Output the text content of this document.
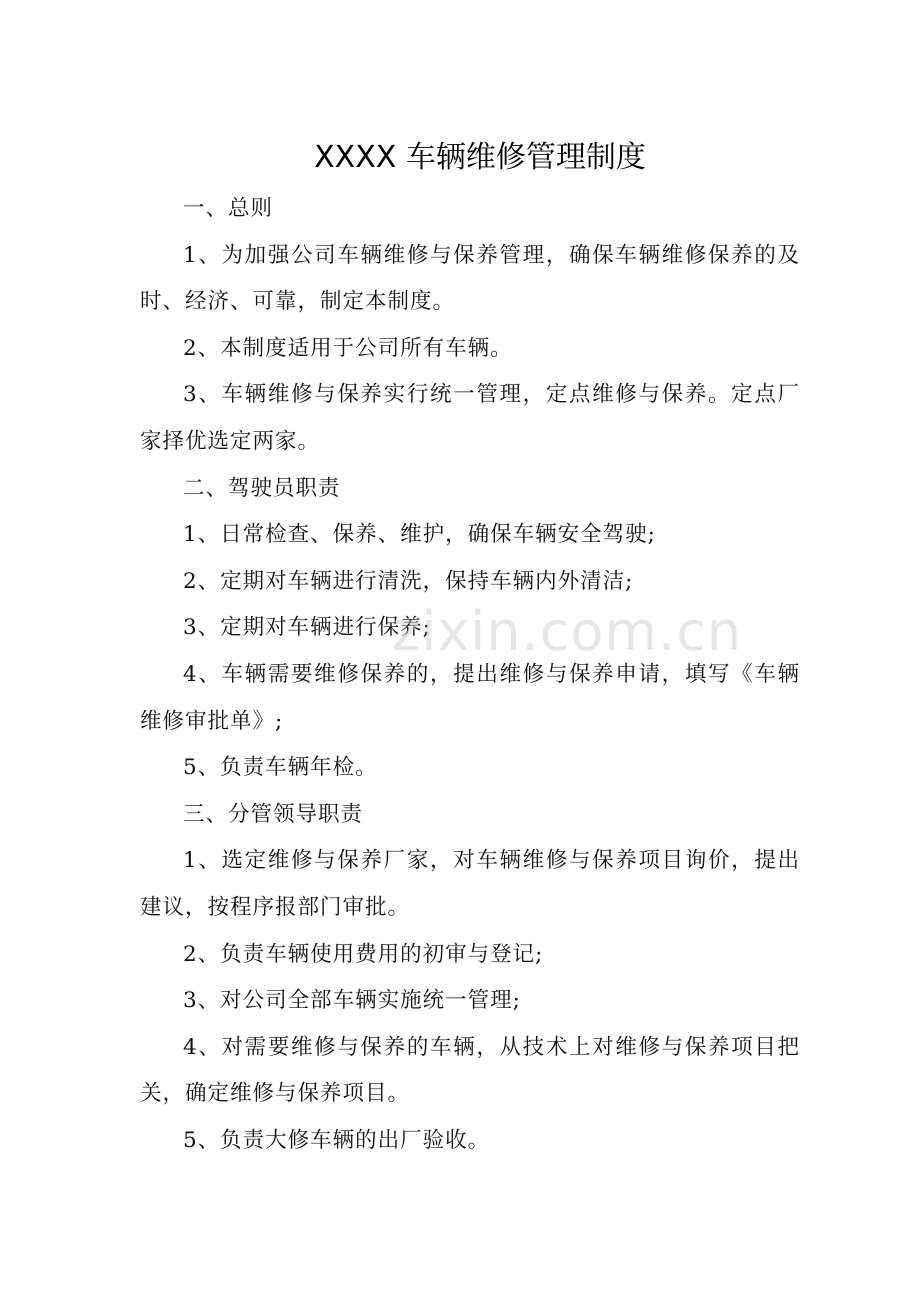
XXXX 车辆维修管理制度

一、总则

1、为加强公司车辆维修与保养管理，确保车辆维修保养的及时、经济、可靠，制定本制度。

2、本制度适用于公司所有车辆。

3、车辆维修与保养实行统一管理，定点维修与保养。定点厂家择优选定两家。

二、驾驶员职责

1、日常检查、保养、维护，确保车辆安全驾驶;

2、定期对车辆进行清洗，保持车辆内外清洁;

3、定期对车辆进行保养;

4、车辆需要维修保养的，提出维修与保养申请，填写《车辆维修审批单》;

5、负责车辆年检。

三、分管领导职责

1、选定维修与保养厂家，对车辆维修与保养项目询价，提出建议，按程序报部门审批。

2、负责车辆使用费用的初审与登记;

3、对公司全部车辆实施统一管理;

4、对需要维修与保养的车辆，从技术上对维修与保养项目把关，确定维修与保养项目。

5、负责大修车辆的出厂验收。

zixin.com.cn
